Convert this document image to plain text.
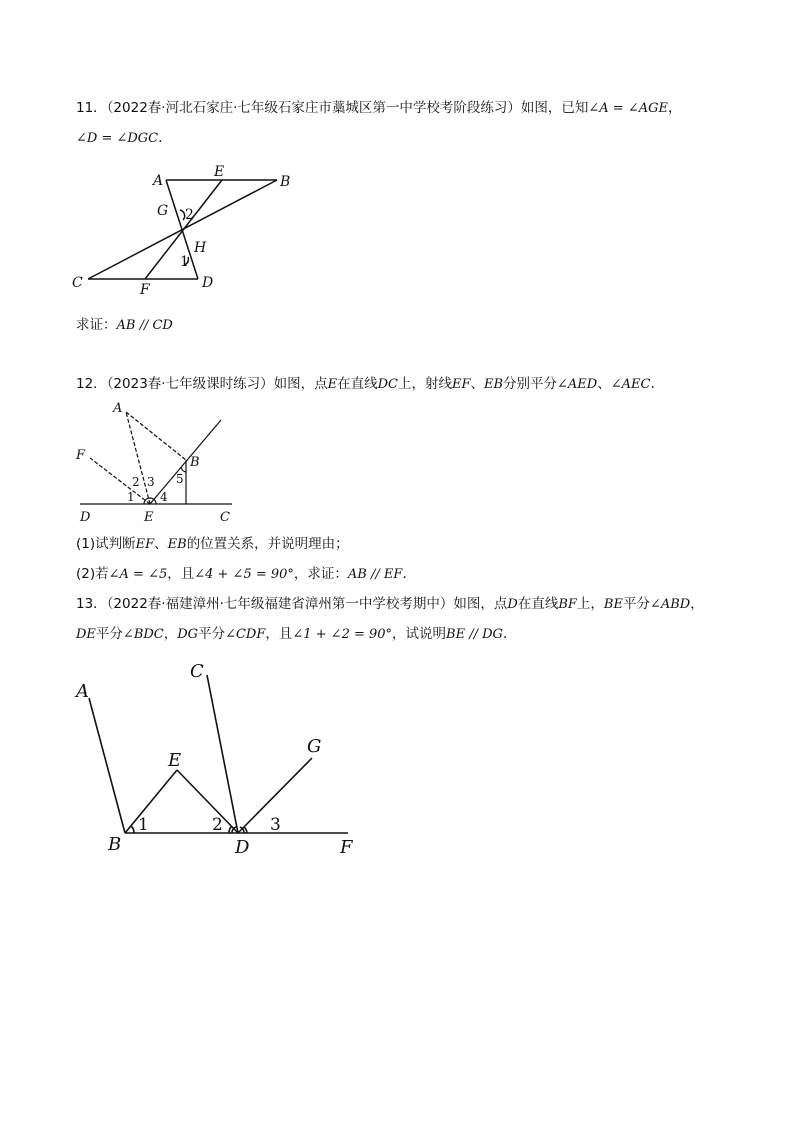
11．（2022春·河北石家庄·七年级石家庄市藁城区第一中学校考阶段练习）如图，已知∠A = ∠AGE，
∠D = ∠DGC.
A
E
B
G
H
C	F	D
2
1
求证：AB // CD
12．（2023春·七年级课时练习）如图，点E在直线DC上，射线EF、EB分别平分∠AED、∠AEC.
A
F	B
D	E	C
5
2 3
1 4
(1)试判断EF、EB的位置关系，并说明理由；
(2)若∠A = ∠5，且∠4 + ∠5 = 90°，求证：AB // EF.
13．（2022春·福建漳州·七年级福建省漳州第一中学校考期中）如图，点D在直线BF上，BE平分∠ABD，
DE平分∠BDC，DG平分∠CDF，且∠1 + ∠2 = 90°，试说明BE // DG.
A
C
G
E
B	D	F
1	2	3
